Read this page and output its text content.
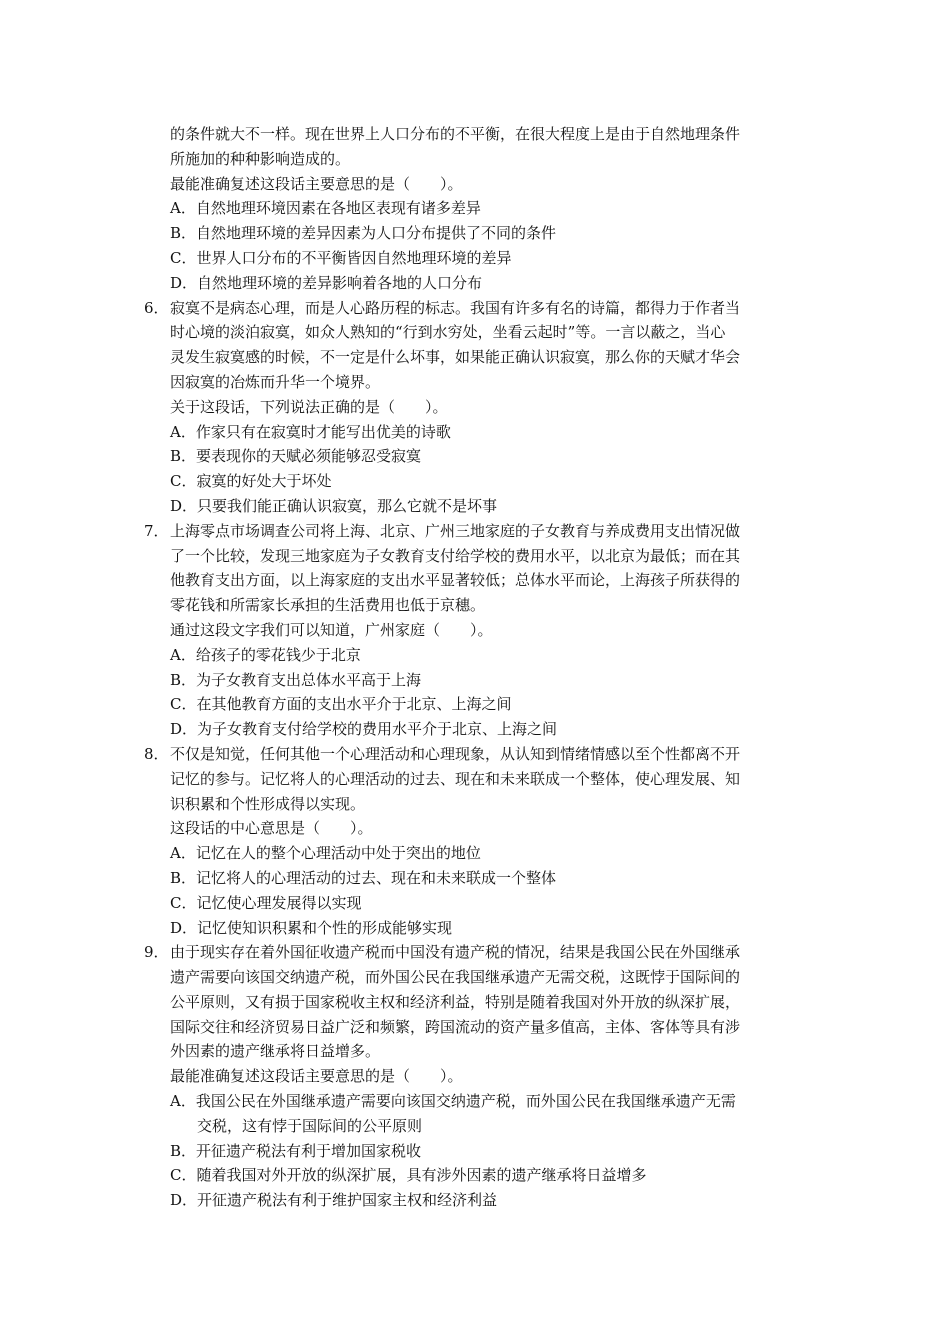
的条件就大不一样。现在世界上人口分布的不平衡，在很大程度上是由于自然地理条件
所施加的种种影响造成的。
最能准确复述这段话主要意思的是（　　）。
A．自然地理环境因素在各地区表现有诸多差异
B．自然地理环境的差异因素为人口分布提供了不同的条件
C．世界人口分布的不平衡皆因自然地理环境的差异
D．自然地理环境的差异影响着各地的人口分布
6． 寂寞不是病态心理，而是人心路历程的标志。我国有许多有名的诗篇，都得力于作者当
时心境的淡泊寂寞，如众人熟知的“行到水穷处，坐看云起时”等。一言以蔽之，当心
灵发生寂寞感的时候，不一定是什么坏事，如果能正确认识寂寞，那么你的天赋才华会
因寂寞的冶炼而升华一个境界。
关于这段话，下列说法正确的是（　　）。
A．作家只有在寂寞时才能写出优美的诗歌
B．要表现你的天赋必须能够忍受寂寞
C．寂寞的好处大于坏处
D．只要我们能正确认识寂寞，那么它就不是坏事
7． 上海零点市场调查公司将上海、北京、广州三地家庭的子女教育与养成费用支出情况做
了一个比较，发现三地家庭为子女教育支付给学校的费用水平，以北京为最低；而在其
他教育支出方面，以上海家庭的支出水平显著较低；总体水平而论，上海孩子所获得的
零花钱和所需家长承担的生活费用也低于京穗。
通过这段文字我们可以知道，广州家庭（　　）。
A．给孩子的零花钱少于北京
B．为子女教育支出总体水平高于上海
C．在其他教育方面的支出水平介于北京、上海之间
D．为子女教育支付给学校的费用水平介于北京、上海之间
8． 不仅是知觉，任何其他一个心理活动和心理现象，从认知到情绪情感以至个性都离不开
记忆的参与。记忆将人的心理活动的过去、现在和未来联成一个整体，使心理发展、知
识积累和个性形成得以实现。
这段话的中心意思是（　　）。
A．记忆在人的整个心理活动中处于突出的地位
B．记忆将人的心理活动的过去、现在和未来联成一个整体
C．记忆使心理发展得以实现
D．记忆使知识积累和个性的形成能够实现
9． 由于现实存在着外国征收遗产税而中国没有遗产税的情况，结果是我国公民在外国继承
遗产需要向该国交纳遗产税，而外国公民在我国继承遗产无需交税，这既悖于国际间的
公平原则，又有损于国家税收主权和经济利益，特别是随着我国对外开放的纵深扩展，
国际交往和经济贸易日益广泛和频繁，跨国流动的资产量多值高，主体、客体等具有涉
外因素的遗产继承将日益增多。
最能准确复述这段话主要意思的是（　　）。
A．我国公民在外国继承遗产需要向该国交纳遗产税，而外国公民在我国继承遗产无需
交税，这有悖于国际间的公平原则
B．开征遗产税法有利于增加国家税收
C．随着我国对外开放的纵深扩展，具有涉外因素的遗产继承将日益增多
D．开征遗产税法有利于维护国家主权和经济利益
